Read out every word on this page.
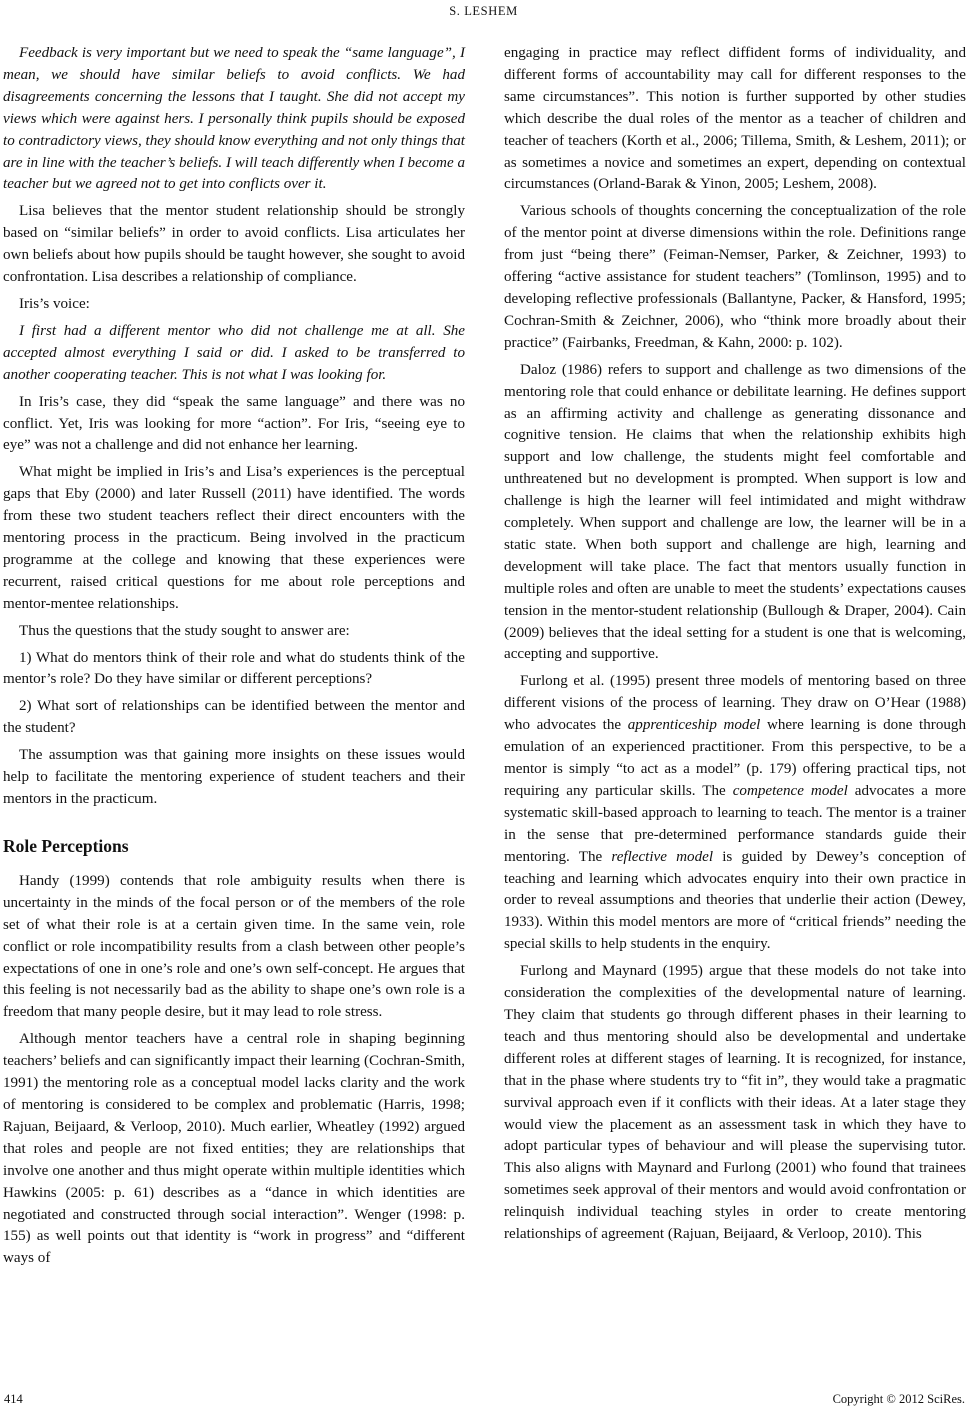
S. LESHEM

Feedback is very important but we need to speak the “same language”, I mean, we should have similar beliefs to avoid conflicts. We had disagreements concerning the lessons that I taught. She did not accept my views which were against hers. I personally think pupils should be exposed to contradictory views, they should know everything and not only things that are in line with the teacher’s beliefs. I will teach differently when I become a teacher but we agreed not to get into conflicts over it.

Lisa believes that the mentor student relationship should be strongly based on “similar beliefs” in order to avoid conflicts. Lisa articulates her own beliefs about how pupils should be taught however, she sought to avoid confrontation. Lisa describes a relationship of compliance.

Iris’s voice:

I first had a different mentor who did not challenge me at all. She accepted almost everything I said or did. I asked to be transferred to another cooperating teacher. This is not what I was looking for.

In Iris’s case, they did “speak the same language” and there was no conflict. Yet, Iris was looking for more “action”. For Iris, “seeing eye to eye” was not a challenge and did not enhance her learning.

What might be implied in Iris’s and Lisa’s experiences is the perceptual gaps that Eby (2000) and later Russell (2011) have identified. The words from these two student teachers reflect their direct encounters with the mentoring process in the practicum. Being involved in the practicum programme at the college and knowing that these experiences were recurrent, raised critical questions for me about role perceptions and mentor-mentee relationships.

Thus the questions that the study sought to answer are:

1) What do mentors think of their role and what do students think of the mentor’s role? Do they have similar or different perceptions?

2) What sort of relationships can be identified between the mentor and the student?

The assumption was that gaining more insights on these issues would help to facilitate the mentoring experience of student teachers and their mentors in the practicum.

Role Perceptions

Handy (1999) contends that role ambiguity results when there is uncertainty in the minds of the focal person or of the members of the role set of what their role is at a certain given time. In the same vein, role conflict or role incompatibility results from a clash between other people’s expectations of one in one’s role and one’s own self-concept. He argues that this feeling is not necessarily bad as the ability to shape one’s own role is a freedom that many people desire, but it may lead to role stress.

Although mentor teachers have a central role in shaping beginning teachers’ beliefs and can significantly impact their learning (Cochran-Smith, 1991) the mentoring role as a conceptual model lacks clarity and the work of mentoring is considered to be complex and problematic (Harris, 1998; Rajuan, Beijaard, & Verloop, 2010). Much earlier, Wheatley (1992) argued that roles and people are not fixed entities; they are relationships that involve one another and thus might operate within multiple identities which Hawkins (2005: p. 61) describes as a “dance in which identities are negotiated and constructed through social interaction”. Wenger (1998: p. 155) as well points out that identity is “work in progress” and “different ways of

engaging in practice may reflect diffident forms of individuality, and different forms of accountability may call for different responses to the same circumstances”. This notion is further supported by other studies which describe the dual roles of the mentor as a teacher of children and teacher of teachers (Korth et al., 2006; Tillema, Smith, & Leshem, 2011); or as sometimes a novice and sometimes an expert, depending on contextual circumstances (Orland-Barak & Yinon, 2005; Leshem, 2008).

Various schools of thoughts concerning the conceptualization of the role of the mentor point at diverse dimensions within the role. Definitions range from just “being there” (Feiman-Nemser, Parker, & Zeichner, 1993) to offering “active assistance for student teachers” (Tomlinson, 1995) and to developing reflective professionals (Ballantyne, Packer, & Hansford, 1995; Cochran-Smith & Zeichner, 2006), who “think more broadly about their practice” (Fairbanks, Freedman, & Kahn, 2000: p. 102).

Daloz (1986) refers to support and challenge as two dimensions of the mentoring role that could enhance or debilitate learning. He defines support as an affirming activity and challenge as generating dissonance and cognitive tension. He claims that when the relationship exhibits high support and low challenge, the students might feel comfortable and unthreatened but no development is prompted. When support is low and challenge is high the learner will feel intimidated and might withdraw completely. When support and challenge are low, the learner will be in a static state. When both support and challenge are high, learning and development will take place. The fact that mentors usually function in multiple roles and often are unable to meet the students’ expectations causes tension in the mentor-student relationship (Bullough & Draper, 2004). Cain (2009) believes that the ideal setting for a student is one that is welcoming, accepting and supportive.

Furlong et al. (1995) present three models of mentoring based on three different visions of the process of learning. They draw on O’Hear (1988) who advocates the apprenticeship model where learning is done through emulation of an experienced practitioner. From this perspective, to be a mentor is simply “to act as a model” (p. 179) offering practical tips, not requiring any particular skills. The competence model advocates a more systematic skill-based approach to learning to teach. The mentor is a trainer in the sense that pre-determined performance standards guide their mentoring. The reflective model is guided by Dewey’s conception of teaching and learning which advocates enquiry into their own practice in order to reveal assumptions and theories that underlie their action (Dewey, 1933). Within this model mentors are more of “critical friends” needing the special skills to help students in the enquiry.

Furlong and Maynard (1995) argue that these models do not take into consideration the complexities of the developmental nature of learning. They claim that students go through different phases in their learning to teach and thus mentoring should also be developmental and undertake different roles at different stages of learning. It is recognized, for instance, that in the phase where students try to “fit in”, they would take a pragmatic survival approach even if it conflicts with their ideas. At a later stage they would view the placement as an assessment task in which they have to adopt particular types of behaviour and will please the supervising tutor. This also aligns with Maynard and Furlong (2001) who found that trainees sometimes seek approval of their mentors and would avoid confrontation or relinquish individual teaching styles in order to create mentoring relationships of agreement (Rajuan, Beijaard, & Verloop, 2010). This

414	Copyright © 2012 SciRes.
